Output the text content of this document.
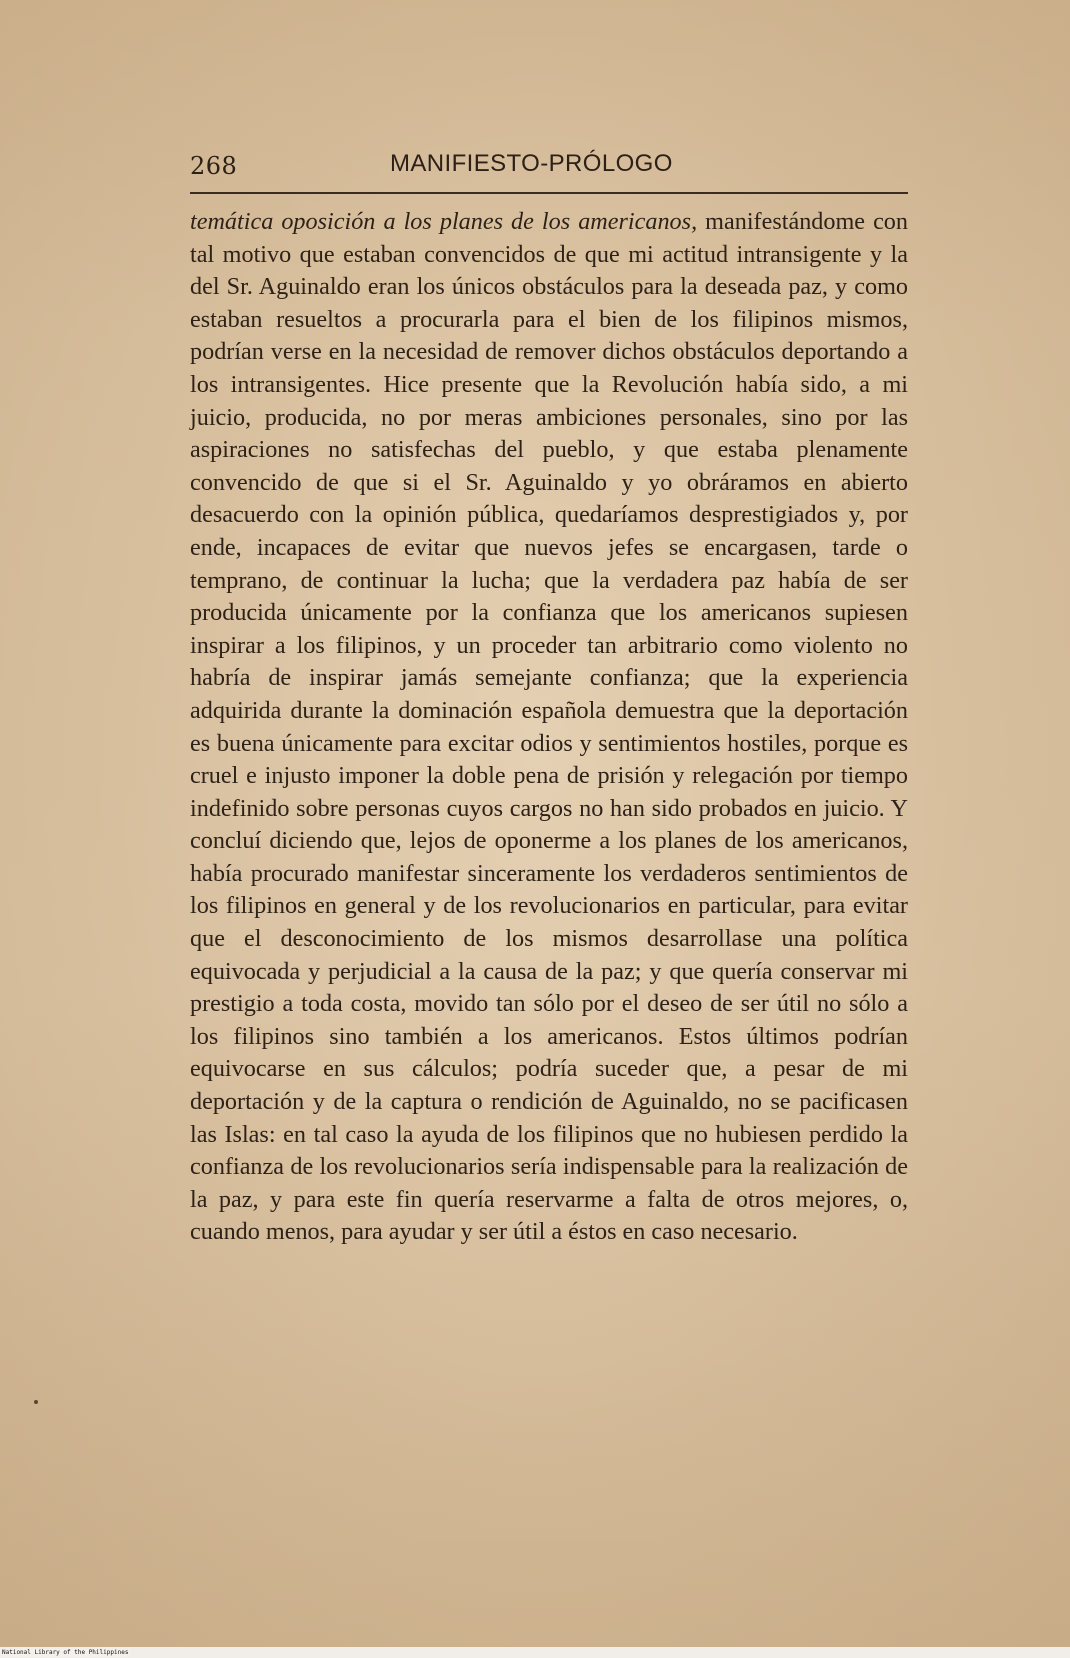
268	MANIFIESTO-PRÓLOGO

temática oposición a los planes de los americanos, manifestándome con tal motivo que estaban convencidos de que mi actitud intransigente y la del Sr. Aguinaldo eran los únicos obstáculos para la deseada paz, y como estaban resueltos a procurarla para el bien de los filipinos mismos, podrían verse en la necesidad de remover dichos obstáculos deportando a los intransigentes. Hice presente que la Revolución había sido, a mi juicio, producida, no por meras ambiciones personales, sino por las aspiraciones no satisfechas del pueblo, y que estaba plenamente convencido de que si el Sr. Aguinaldo y yo obráramos en abierto desacuerdo con la opinión pública, quedaríamos desprestigiados y, por ende, incapaces de evitar que nuevos jefes se encargasen, tarde o temprano, de continuar la lucha; que la verdadera paz había de ser producida únicamente por la confianza que los americanos supiesen inspirar a los filipinos, y un proceder tan arbitrario como violento no habría de inspirar jamás semejante confianza; que la experiencia adquirida durante la dominación española demuestra que la deportación es buena únicamente para excitar odios y sentimientos hostiles, porque es cruel e injusto imponer la doble pena de prisión y relegación por tiempo indefinido sobre personas cuyos cargos no han sido probados en juicio. Y concluí diciendo que, lejos de oponerme a los planes de los americanos, había procurado manifestar sinceramente los verdaderos sentimientos de los filipinos en general y de los revolucionarios en particular, para evitar que el desconocimiento de los mismos desarrollase una política equivocada y perjudicial a la causa de la paz; y que quería conservar mi prestigio a toda costa, movido tan sólo por el deseo de ser útil no sólo a los filipinos sino también a los americanos. Estos últimos podrían equivocarse en sus cálculos; podría suceder que, a pesar de mi deportación y de la captura o rendición de Aguinaldo, no se pacificasen las Islas: en tal caso la ayuda de los filipinos que no hubiesen perdido la confianza de los revolucionarios sería indispensable para la realización de la paz, y para este fin quería reservarme a falta de otros mejores, o, cuando menos, para ayudar y ser útil a éstos en caso necesario.

National Library of the Philippines
